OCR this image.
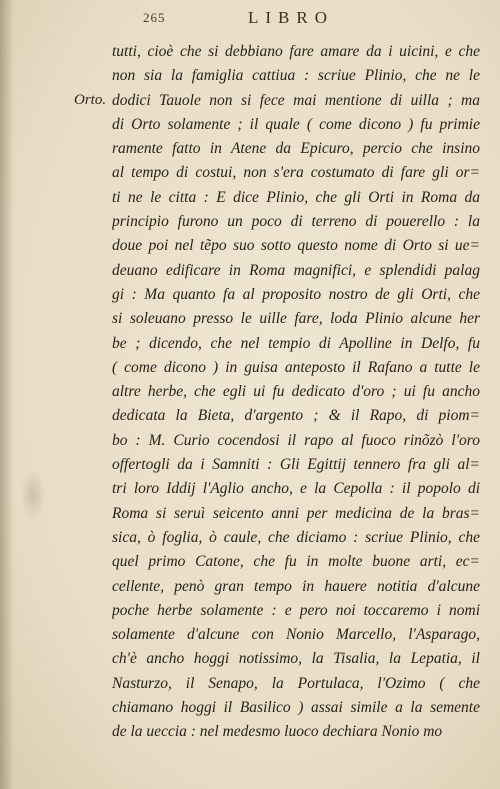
265	LIBRO
Orto.
tutti, cioè che si debbiano fare amare da i uicini, e che
non sia la famiglia cattiua : scriue Plinio, che ne le
dodici Tauole non si fece mai mentione di uilla ; ma
di Orto solamente ; il quale ( come dicono ) fu primie
ramente fatto in Atene da Epicuro, percio che insino
al tempo di costui, non s'era costumato di fare gli or=
ti ne le citta : E dice Plinio, che gli Orti in Roma da
principio furono un poco di terreno di pouerello : la
doue poi nel tẽpo suo sotto questo nome di Orto si ue=
deuano edificare in Roma magnifici, e splendidi palag
gi : Ma quanto fa al proposito nostro de gli Orti, che
si soleuano presso le uille fare, loda Plinio alcune her
be ; dicendo, che nel tempio di Apolline in Delfo, fu
( come dicono ) in guisa anteposto il Rafano a tutte le
altre herbe, che egli ui fu dedicato d'oro ; ui fu ancho
dedicata la Bieta, d'argento ; & il Rapo, di piom=
bo : M. Curio cocendosi il rapo al fuoco rinõzò l'oro
offertogli da i Samniti : Gli Egittij tennero fra gli al=
tri loro Iddij l'Aglio ancho, e la Cepolla : il popolo di
Roma si seruì seicento anni per medicina de la bras=
sica, ò foglia, ò caule, che diciamo : scriue Plinio, che
quel primo Catone, che fu in molte buone arti, ec=
cellente, penò gran tempo in hauere notitia d'alcune
poche herbe solamente : e pero noi toccaremo i nomi
solamente d'alcune con Nonio Marcello, l'Asparago,
ch'è ancho hoggi notissimo, la Tisalia, la Lepatia, il
Nasturzo, il Senapo, la Portulaca, l'Ozimo ( che
chiamano hoggi il Basilico ) assai simile a la semente
de la ueccia : nel medesmo luoco dechiara Nonio mo
